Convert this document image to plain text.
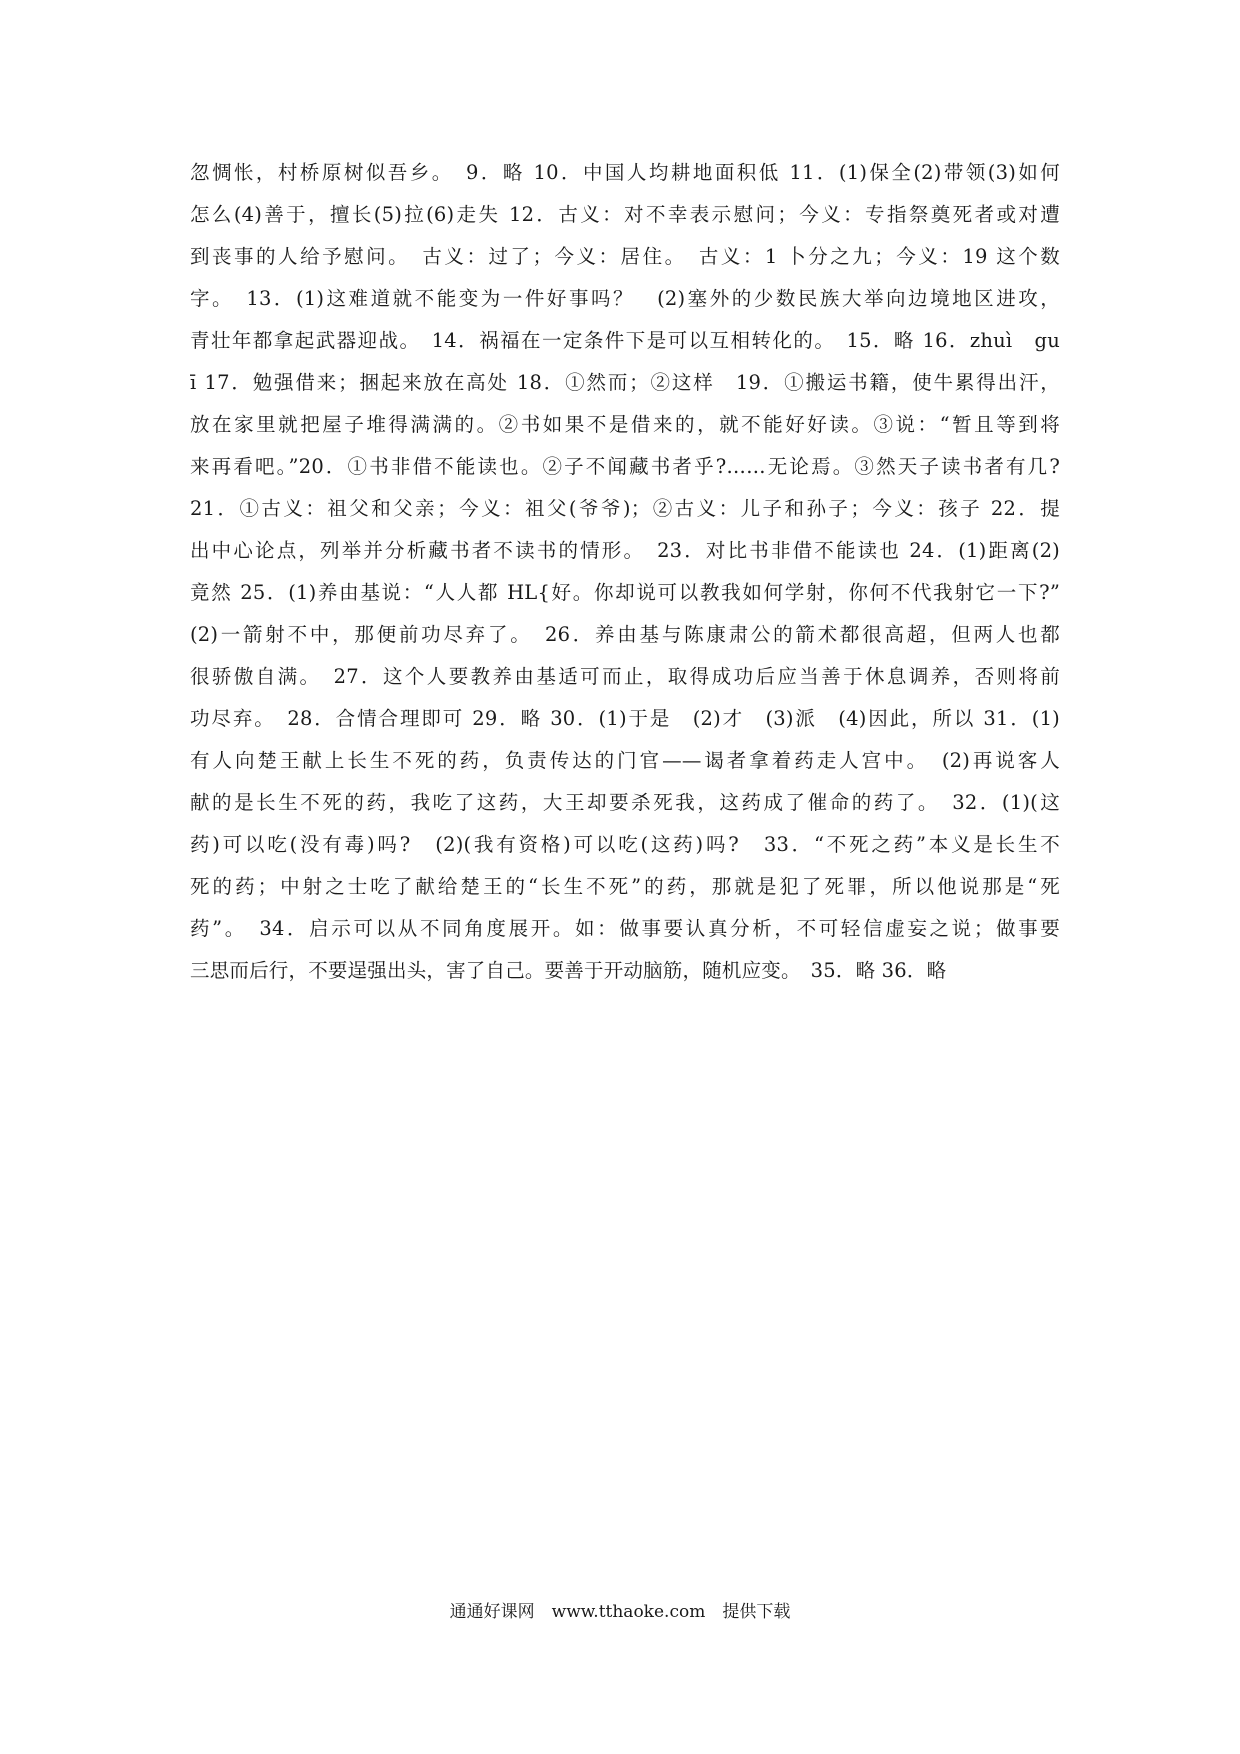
忽惆怅，村桥原树似吾乡。　9．略 10．中国人均耕地面积低 11．(1)保全(2)带领(3)如何
怎么(4)善于，擅长(5)拉(6)走失 12．古义：对不幸表示慰问；今义：专指祭奠死者或对遭
到丧事的人给予慰问。　古义：过了；今义：居住。　古义：1 卜分之九；今义：19 这个数
字。　13．(1)这难道就不能变为一件好事吗？　(2)塞外的少数民族大举向边境地区进攻，
青壮年都拿起武器迎战。　14．祸福在一定条件下是可以互相转化的。　15．略 16．zhuì　gu
ī 17．勉强借来；捆起来放在高处 18．①然而；②这样　19．①搬运书籍，使牛累得出汗，
放在家里就把屋子堆得满满的。②书如果不是借来的，就不能好好读。③说：“暂且等到将
来再看吧。”20．①书非借不能读也。②子不闻藏书者乎?……无论焉。③然天子读书者有几?
21．①古义：祖父和父亲；今义：祖父(爷爷)；②古义：儿子和孙子；今义：孩子 22．提
出中心论点，列举并分析藏书者不读书的情形。　23．对比书非借不能读也 24．(1)距离(2)
竟然 25．(1)养由基说：“人人都 HL{好。你却说可以教我如何学射，你何不代我射它一下?”
(2)一箭射不中，那便前功尽弃了。　26．养由基与陈康肃公的箭术都很高超，但两人也都
很骄傲自满。　27．这个人要教养由基适可而止，取得成功后应当善于休息调养，否则将前
功尽弃。　28．合情合理即可 29．略 30．(1)于是　(2)才　(3)派　(4)因此，所以 31．(1)
有人向楚王献上长生不死的药，负责传达的门官——谒者拿着药走人宫中。　(2)再说客人
献的是长生不死的药，我吃了这药，大王却要杀死我，这药成了催命的药了。　32．(1)(这
药)可以吃(没有毒)吗?　(2)(我有资格)可以吃(这药)吗?　33．“不死之药”本义是长生不
死的药；中射之士吃了献给楚王的“长生不死”的药，那就是犯了死罪，所以他说那是“死
药”。　34．启示可以从不同角度展开。如：做事要认真分析，不可轻信虚妄之说；做事要
三思而后行，不要逞强出头，害了自己。要善于开动脑筋，随机应变。　35．略 36．略
通通好课网　www.tthaoke.com　提供下载
